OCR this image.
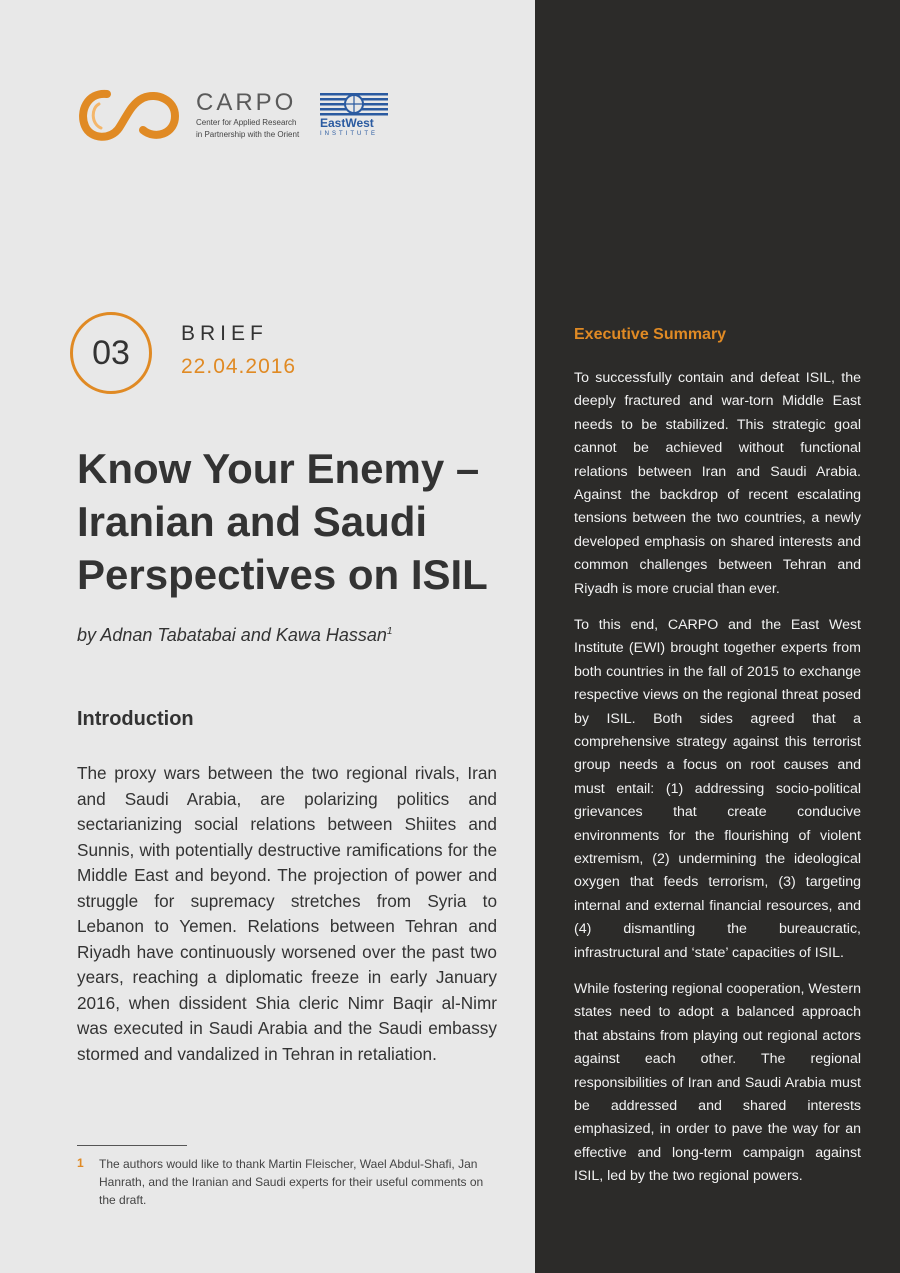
CARPO
Center for Applied Research
in Partnership with the Orient
EastWest
INSTITUTE
03	BRIEF
22.04.2016
Know Your Enemy – Iranian and Saudi Perspectives on ISIL
by Adnan Tabatabai and Kawa Hassan$^1$
Introduction

The proxy wars between the two regional rivals, Iran and Saudi Arabia, are polarizing politics and sectarianizing social relations between Shiites and Sunnis, with potentially destructive ramifications for the Middle East and beyond. The projection of power and struggle for supremacy stretches from Syria to Lebanon to Yemen. Relations between Tehran and Riyadh have continuously worsened over the past two years, reaching a diplomatic freeze in early January 2016, when dissident Shia cleric Nimr Baqir al-Nimr was executed in Saudi Arabia and the Saudi embassy stormed and vandalized in Tehran in retaliation.

1 The authors would like to thank Martin Fleischer, Wael Abdul-Shafi, Jan Hanrath, and the Iranian and Saudi experts for their useful comments on the draft.

Executive Summary

To successfully contain and defeat ISIL, the deeply fractured and war-torn Middle East needs to be stabilized. This strategic goal cannot be achieved without functional relations between Iran and Saudi Arabia. Against the backdrop of recent escalating tensions between the two countries, a newly developed emphasis on shared interests and common challenges between Tehran and Riyadh is more crucial than ever.

To this end, CARPO and the East West Institute (EWI) brought together experts from both countries in the fall of 2015 to exchange respective views on the regional threat posed by ISIL. Both sides agreed that a comprehensive strategy against this terrorist group needs a focus on root causes and must entail: (1) addressing socio-political grievances that create conducive environments for the flourishing of violent extremism, (2) undermining the ideological oxygen that feeds terrorism, (3) targeting internal and external financial resources, and (4) dismantling the bureaucratic, infrastructural and ‘state’ capacities of ISIL.

While fostering regional cooperation, Western states need to adopt a balanced approach that abstains from playing out regional actors against each other. The regional responsibilities of Iran and Saudi Arabia must be addressed and shared interests emphasized, in order to pave the way for an effective and long-term campaign against ISIL, led by the two regional powers.
